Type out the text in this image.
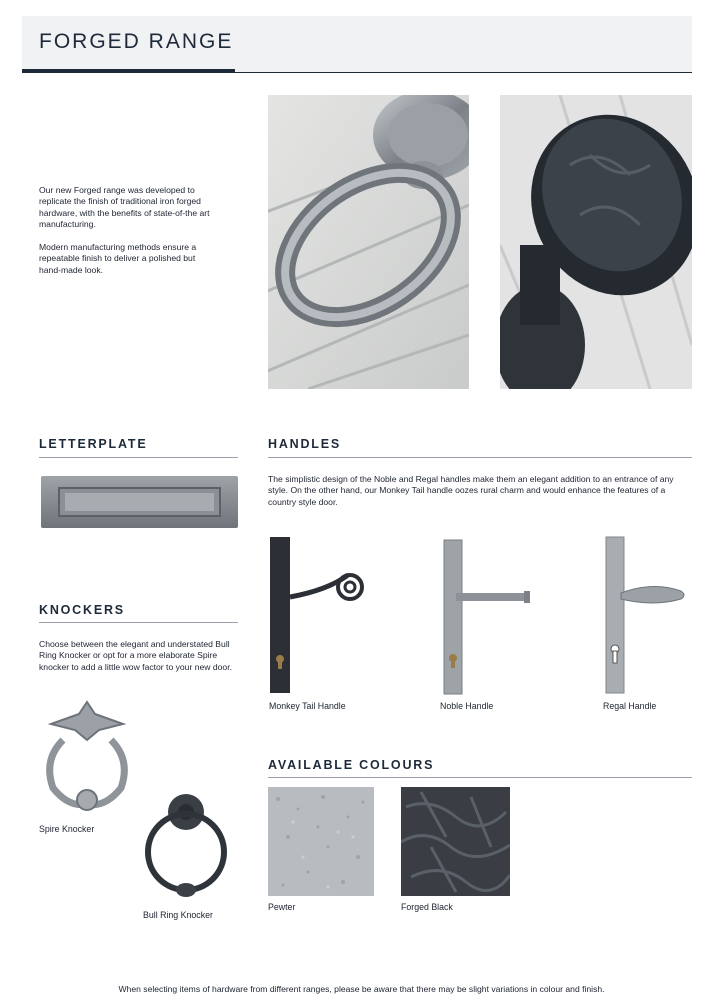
FORGED RANGE

Our new Forged range was developed to replicate the finish of traditional iron forged hardware, with the benefits of state-of-the art manufacturing.

Modern manufacturing methods ensure a repeatable finish to deliver a polished but hand-made look.

LETTERPLATE	HANDLES
The simplistic design of the Noble and Regal handles make them an elegant addition to an entrance of any style. On the other hand, our Monkey Tail handle oozes rural charm and would enhance the features of a country style door.
Monkey Tail Handle	Noble Handle	Regal Handle
KNOCKERS
Choose between the elegant and understated Bull Ring Knocker or opt for a more elaborate Spire knocker to add a little wow factor to your new door.
Spire Knocker
Bull Ring Knocker
AVAILABLE COLOURS
Pewter	Forged Black
When selecting items of hardware from different ranges, please be aware that there may be slight variations in colour and finish.
